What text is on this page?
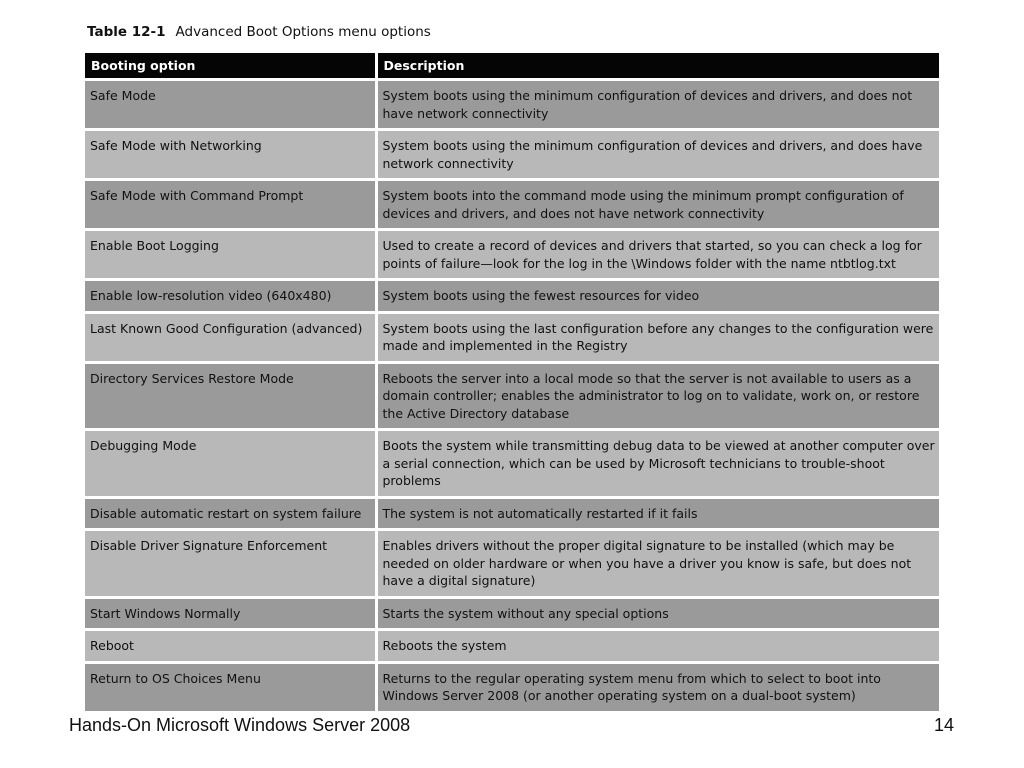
Table 12-1 Advanced Boot Options menu options
Booting option	Description
Safe Mode	System boots using the minimum configuration of devices and drivers, and does not have network connectivity
Safe Mode with Networking	System boots using the minimum configuration of devices and drivers, and does have network connectivity
Safe Mode with Command Prompt	System boots into the command mode using the minimum prompt configuration of devices and drivers, and does not have network connectivity
Enable Boot Logging	Used to create a record of devices and drivers that started, so you can check a log for points of failure—look for the log in the \Windows folder with the name ntbtlog.txt
Enable low-resolution video (640x480)	System boots using the fewest resources for video
Last Known Good Configuration (advanced)	System boots using the last configuration before any changes to the configuration were made and implemented in the Registry
Directory Services Restore Mode	Reboots the server into a local mode so that the server is not available to users as a domain controller; enables the administrator to log on to validate, work on, or restore the Active Directory database
Debugging Mode	Boots the system while transmitting debug data to be viewed at another computer over a serial connection, which can be used by Microsoft technicians to trouble-shoot problems
Disable automatic restart on system failure	The system is not automatically restarted if it fails
Disable Driver Signature Enforcement	Enables drivers without the proper digital signature to be installed (which may be needed on older hardware or when you have a driver you know is safe, but does not have a digital signature)
Start Windows Normally	Starts the system without any special options
Reboot	Reboots the system
Return to OS Choices Menu	Returns to the regular operating system menu from which to select to boot into Windows Server 2008 (or another operating system on a dual-boot system)
Hands-On Microsoft Windows Server 2008	14
